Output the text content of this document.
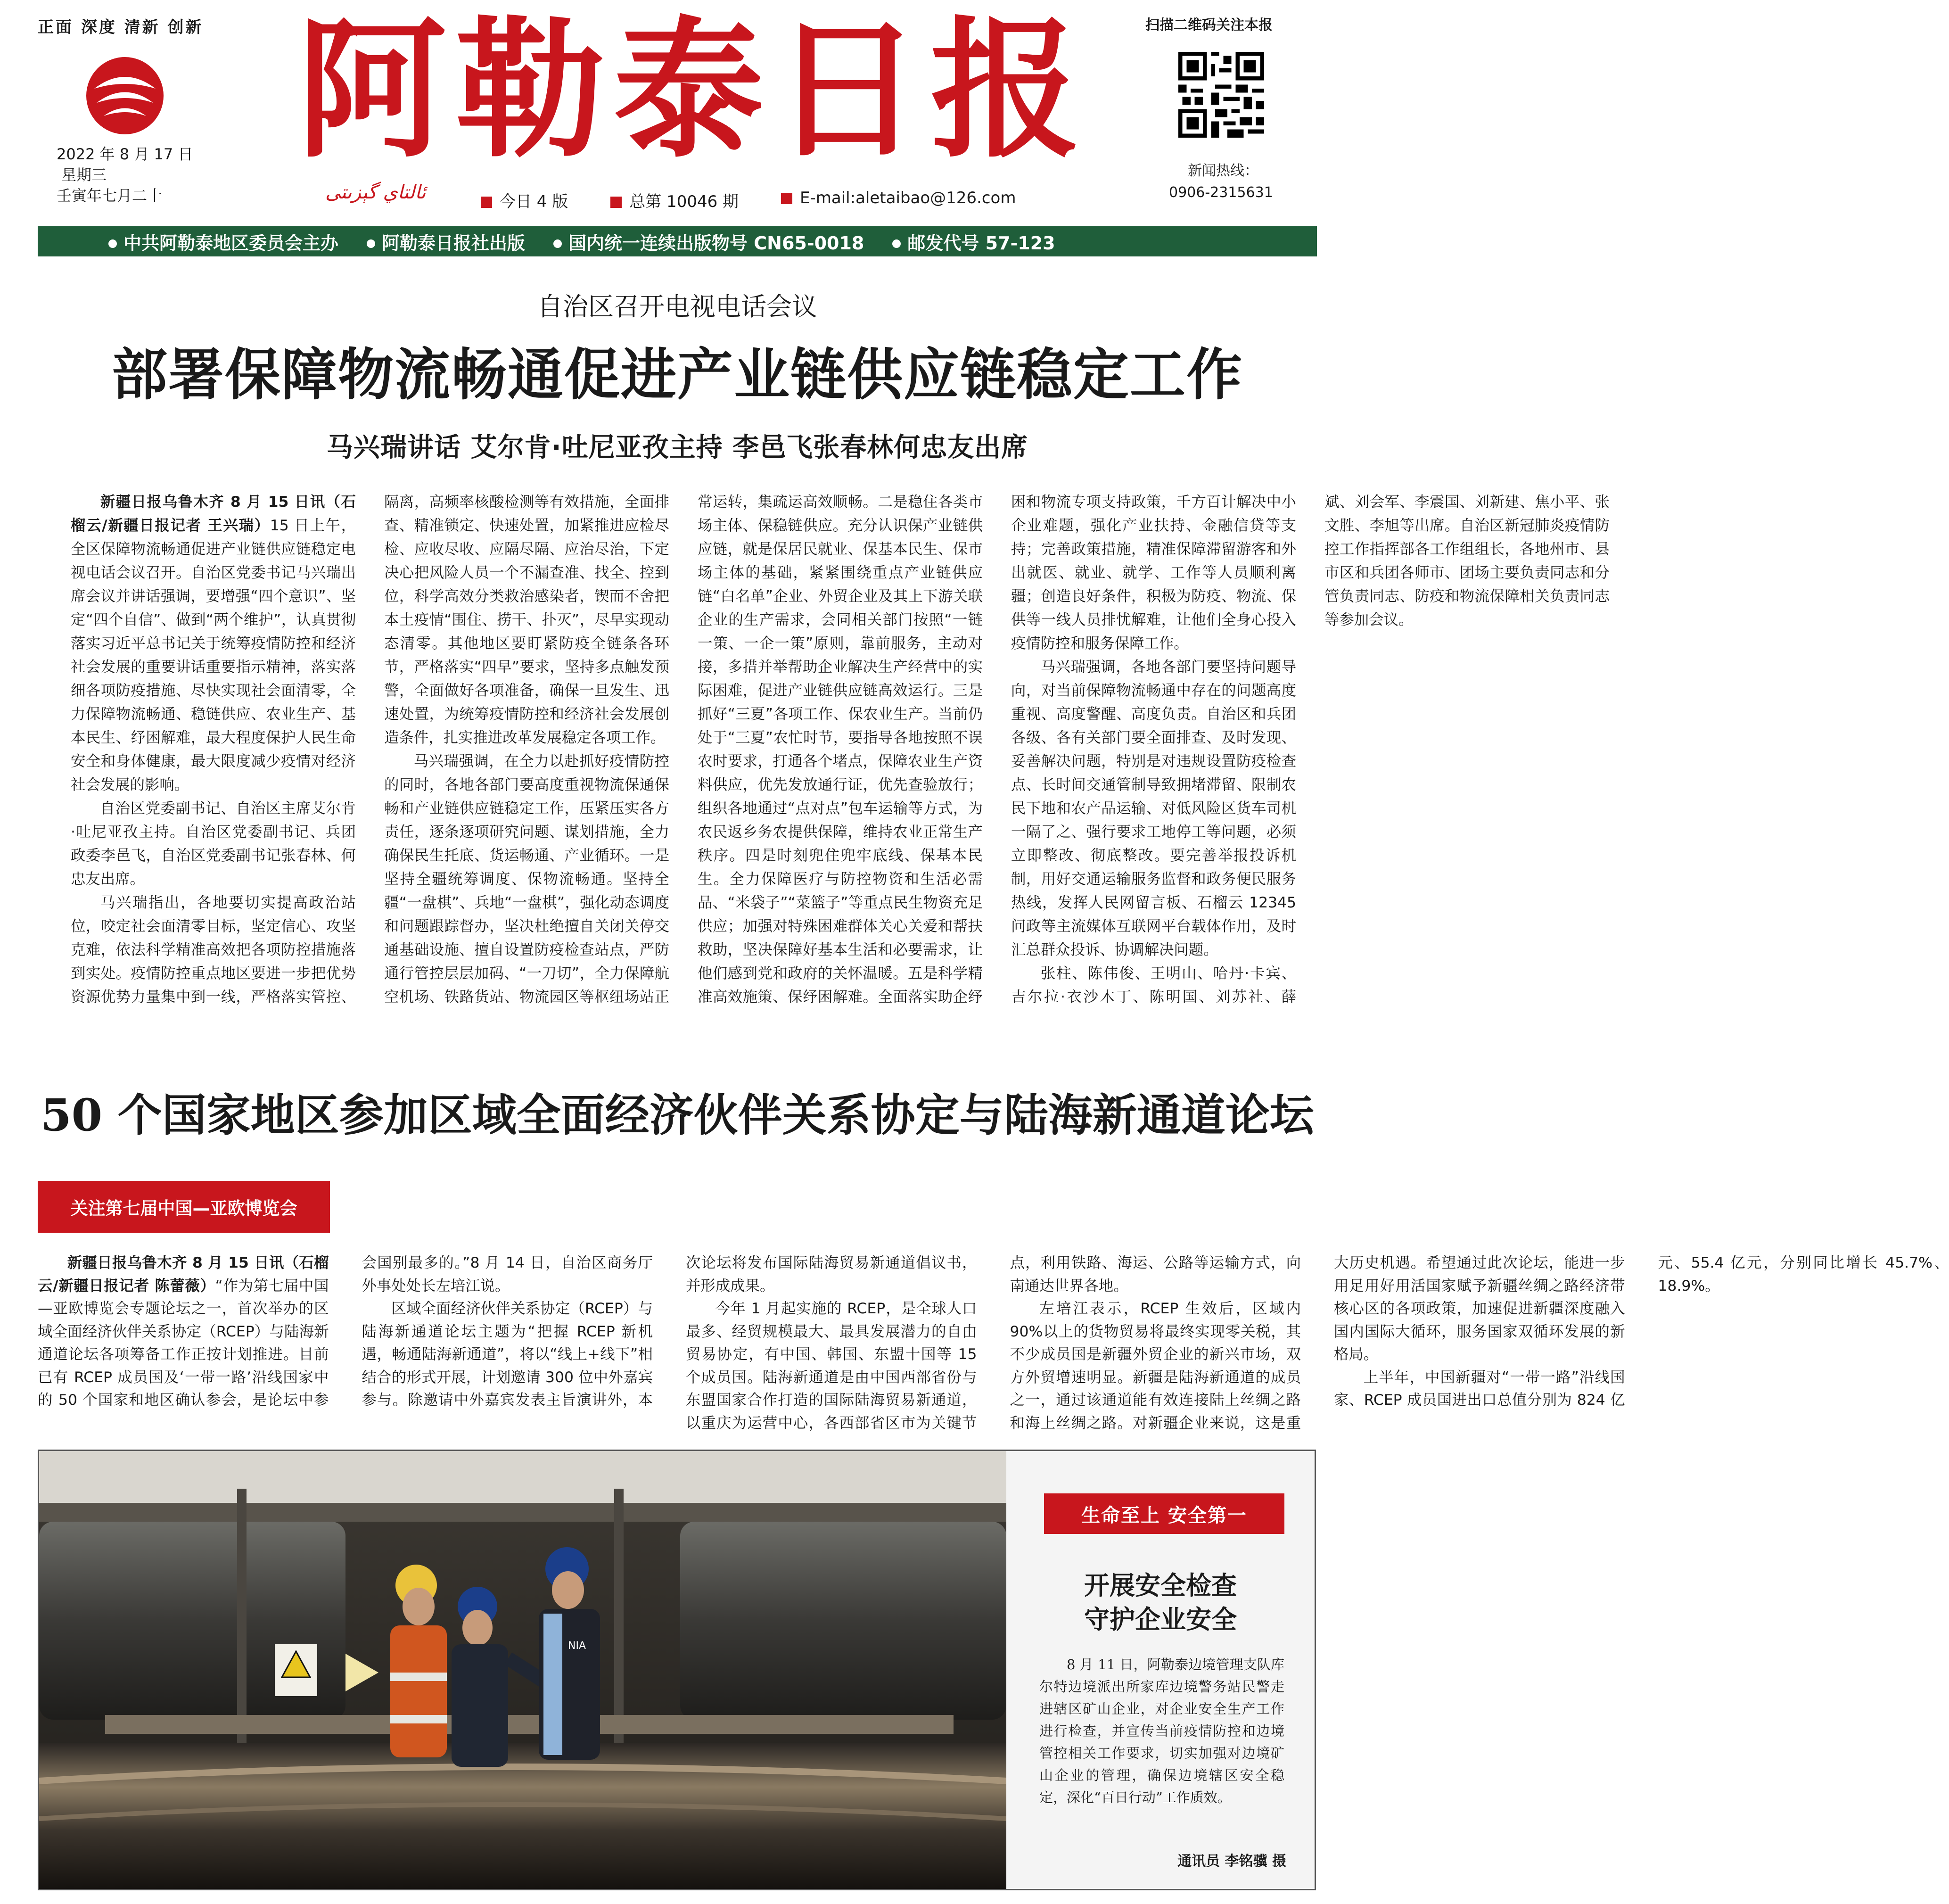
正面 深度 清新 创新
2022 年 8 月 17 日
星期三
壬寅年七月二十
阿勒泰日报
ئالتاي گېزىتى	今日 4 版	总第 10046 期	E-mail:aletaibao@126.com
扫描二维码关注本报
新闻热线：
0906-2315631
中共阿勒泰地区委员会主办	阿勒泰日报社出版	国内统一连续出版物号 CN65-0018	邮发代号 57-123
自治区召开电视电话会议
部署保障物流畅通促进产业链供应链稳定工作
马兴瑞讲话 艾尔肯·吐尼亚孜主持 李邑飞张春林何忠友出席

新疆日报乌鲁木齐 8 月 15 日讯（石榴云/新疆日报记者 王兴瑞）15 日上午，全区保障物流畅通促进产业链供应链稳定电视电话会议召开。自治区党委书记马兴瑞出席会议并讲话强调，要增强“四个意识”、坚定“四个自信”、做到“两个维护”，认真贯彻落实习近平总书记关于统筹疫情防控和经济社会发展的重要讲话重要指示精神，落实落细各项防疫措施、尽快实现社会面清零，全力保障物流畅通、稳链供应、农业生产、基本民生、纾困解难，最大程度保护人民生命安全和身体健康，最大限度减少疫情对经济社会发展的影响。

自治区党委副书记、自治区主席艾尔肯·吐尼亚孜主持。自治区党委副书记、兵团政委李邑飞，自治区党委副书记张春林、何忠友出席。

马兴瑞指出，各地要切实提高政治站位，咬定社会面清零目标，坚定信心、攻坚克难，依法科学精准高效把各项防控措施落到实处。疫情防控重点地区要进一步把优势资源优势力量集中到一线，严格落实管控、隔离，高频率核酸检测等有效措施，全面排查、精准锁定、快速处置，加紧推进应检尽检、应收尽收、应隔尽隔、应治尽治，下定决心把风险人员一个不漏查准、找全、控到位，科学高效分类救治感染者，锲而不舍把本土疫情“围住、捞干、扑灭”，尽早实现动态清零。其他地区要盯紧防疫全链条各环节，严格落实“四早”要求，坚持多点触发预警，全面做好各项准备，确保一旦发生、迅速处置，为统筹疫情防控和经济社会发展创造条件，扎实推进改革发展稳定各项工作。

马兴瑞强调，在全力以赴抓好疫情防控的同时，各地各部门要高度重视物流保通保畅和产业链供应链稳定工作，压紧压实各方责任，逐条逐项研究问题、谋划措施，全力确保民生托底、货运畅通、产业循环。一是坚持全疆统筹调度、保物流畅通。坚持全疆“一盘棋”、兵地“一盘棋”，强化动态调度和问题跟踪督办，坚决杜绝擅自关闭关停交通基础设施、擅自设置防疫检查站点，严防通行管控层层加码、“一刀切”，全力保障航空机场、铁路货站、物流园区等枢纽场站正常运转，集疏运高效顺畅。二是稳住各类市场主体、保稳链供应。充分认识保产业链供应链，就是保居民就业、保基本民生、保市场主体的基础，紧紧围绕重点产业链供应链“白名单”企业、外贸企业及其上下游关联企业的生产需求，会同相关部门按照“一链一策、一企一策”原则，靠前服务，主动对接，多措并举帮助企业解决生产经营中的实际困难，促进产业链供应链高效运行。三是抓好“三夏”各项工作、保农业生产。当前仍处于“三夏”农忙时节，要指导各地按照不误农时要求，打通各个堵点，保障农业生产资料供应，优先发放通行证，优先查验放行；组织各地通过“点对点”包车运输等方式，为农民返乡务农提供保障，维持农业正常生产秩序。四是时刻兜住兜牢底线、保基本民生。全力保障医疗与防控物资和生活必需品、“米袋子”“菜篮子”等重点民生物资充足供应；加强对特殊困难群体关心关爱和帮扶救助，坚决保障好基本生活和必要需求，让他们感到党和政府的关怀温暖。五是科学精准高效施策、保纾困解难。全面落实助企纾困和物流专项支持政策，千方百计解决中小企业难题，强化产业扶持、金融信贷等支持；完善政策措施，精准保障滞留游客和外出就医、就业、就学、工作等人员顺利离疆；创造良好条件，积极为防疫、物流、保供等一线人员排忧解难，让他们全身心投入疫情防控和服务保障工作。

马兴瑞强调，各地各部门要坚持问题导向，对当前保障物流畅通中存在的问题高度重视、高度警醒、高度负责。自治区和兵团各级、各有关部门要全面排查、及时发现、妥善解决问题，特别是对违规设置防疫检查点、长时间交通管制导致拥堵滞留、限制农民下地和农产品运输、对低风险区货车司机一隔了之、强行要求工地停工等问题，必须立即整改、彻底整改。要完善举报投诉机制，用好交通运输服务监督和政务便民服务热线，发挥人民网留言板、石榴云 12345 问政等主流媒体互联网平台载体作用，及时汇总群众投诉、协调解决问题。

张柱、陈伟俊、王明山、哈丹·卡宾、吉尔拉·衣沙木丁、陈明国、刘苏社、薛斌、刘会军、李震国、刘新建、焦小平、张文胜、李旭等出席。自治区新冠肺炎疫情防控工作指挥部各工作组组长，各地州市、县市区和兵团各师市、团场主要负责同志和分管负责同志、防疫和物流保障相关负责同志等参加会议。

50 个国家地区参加区域全面经济伙伴关系协定与陆海新通道论坛
关注第七届中国—亚欧博览会

新疆日报乌鲁木齐 8 月 15 日讯（石榴云/新疆日报记者 陈蕾薇）“作为第七届中国—亚欧博览会专题论坛之一，首次举办的区域全面经济伙伴关系协定（RCEP）与陆海新通道论坛各项筹备工作正按计划推进。目前已有 RCEP 成员国及‘一带一路’沿线国家中的 50 个国家和地区确认参会，是论坛中参会国别最多的。”8 月 14 日，自治区商务厅外事处处长左培江说。

区域全面经济伙伴关系协定（RCEP）与陆海新通道论坛主题为“把握 RCEP 新机遇，畅通陆海新通道”，将以“线上+线下”相结合的形式开展，计划邀请 300 位中外嘉宾参与。除邀请中外嘉宾发表主旨演讲外，本次论坛将发布国际陆海贸易新通道倡议书，并形成成果。

今年 1 月起实施的 RCEP，是全球人口最多、经贸规模最大、最具发展潜力的自由贸易协定，有中国、韩国、东盟十国等 15 个成员国。陆海新通道是由中国西部省份与东盟国家合作打造的国际陆海贸易新通道，以重庆为运营中心，各西部省区市为关键节点，利用铁路、海运、公路等运输方式，向南通达世界各地。

左培江表示，RCEP 生效后，区域内 90%以上的货物贸易将最终实现零关税，其不少成员国是新疆外贸企业的新兴市场，双方外贸增速明显。新疆是陆海新通道的成员之一，通过该通道能有效连接陆上丝绸之路和海上丝绸之路。对新疆企业来说，这是重大历史机遇。希望通过此次论坛，能进一步用足用好用活国家赋予新疆丝绸之路经济带核心区的各项政策，加速促进新疆深度融入国内国际大循环，服务国家双循环发展的新格局。

上半年，中国新疆对“一带一路”沿线国家、RCEP 成员国进出口总值分别为 824 亿元、55.4 亿元，分别同比增长 45.7%、18.9%。

NIA
生命至上 安全第一
开展安全检查
守护企业安全

8 月 11 日，阿勒泰边境管理支队库尔特边境派出所家库边境警务站民警走进辖区矿山企业，对企业安全生产工作进行检查，并宣传当前疫情防控和边境管控相关工作要求，切实加强对边境矿山企业的管理，确保边境辖区安全稳定，深化“百日行动”工作质效。

通讯员 李铭骥 摄
